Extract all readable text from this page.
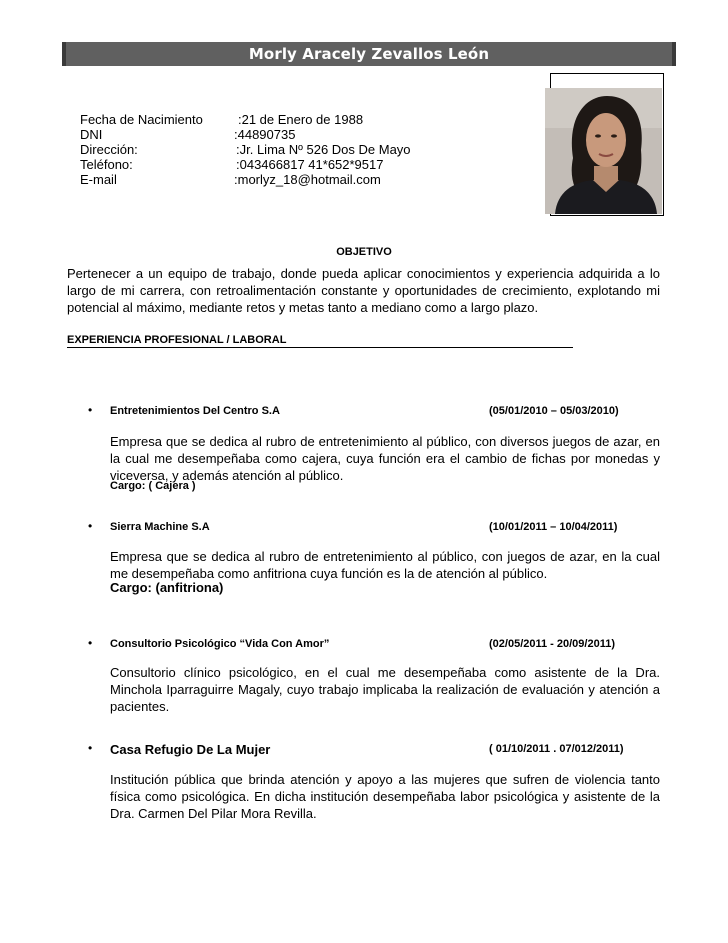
Morly Aracely Zevallos León
Fecha de Nacimiento	:21 de Enero de 1988
DNI	:44890735
Dirección:	:Jr. Lima Nº 526 Dos De Mayo
Teléfono:	:043466817 41*652*9517
E-mail	:morlyz_18@hotmail.com
OBJETIVO
Pertenecer a un equipo de trabajo, donde pueda aplicar conocimientos y experiencia adquirida a lo largo de mi carrera, con retroalimentación constante y oportunidades de crecimiento, explotando mi potencial al máximo, mediante retos y metas tanto a mediano como a largo plazo.
EXPERIENCIA PROFESIONAL / LABORAL
• Entretenimientos Del Centro S.A	(05/01/2010 – 05/03/2010)
Empresa que se dedica al rubro de entretenimiento al público, con diversos juegos de azar, en la cual me desempeñaba como cajera, cuya función era el cambio de fichas por monedas y viceversa, y además atención al público.
Cargo: ( Cajera )
• Sierra Machine S.A	(10/01/2011 – 10/04/2011)
Empresa que se dedica al rubro de entretenimiento al público, con juegos de azar, en la cual me desempeñaba como anfitriona cuya función es la de atención al público.
Cargo: (anfitriona)
• Consultorio Psicológico “Vida Con Amor”	(02/05/2011 - 20/09/2011)
Consultorio clínico psicológico, en el cual me desempeñaba como asistente de la Dra. Minchola Iparraguirre Magaly, cuyo trabajo implicaba la realización de evaluación y atención a pacientes.
• Casa Refugio De La Mujer	( 01/10/2011 . 07/012/2011)
Institución pública que brinda atención y apoyo a las mujeres que sufren de violencia tanto física como psicológica. En dicha institución desempeñaba labor psicológica y asistente de la Dra. Carmen Del Pilar Mora Revilla.
